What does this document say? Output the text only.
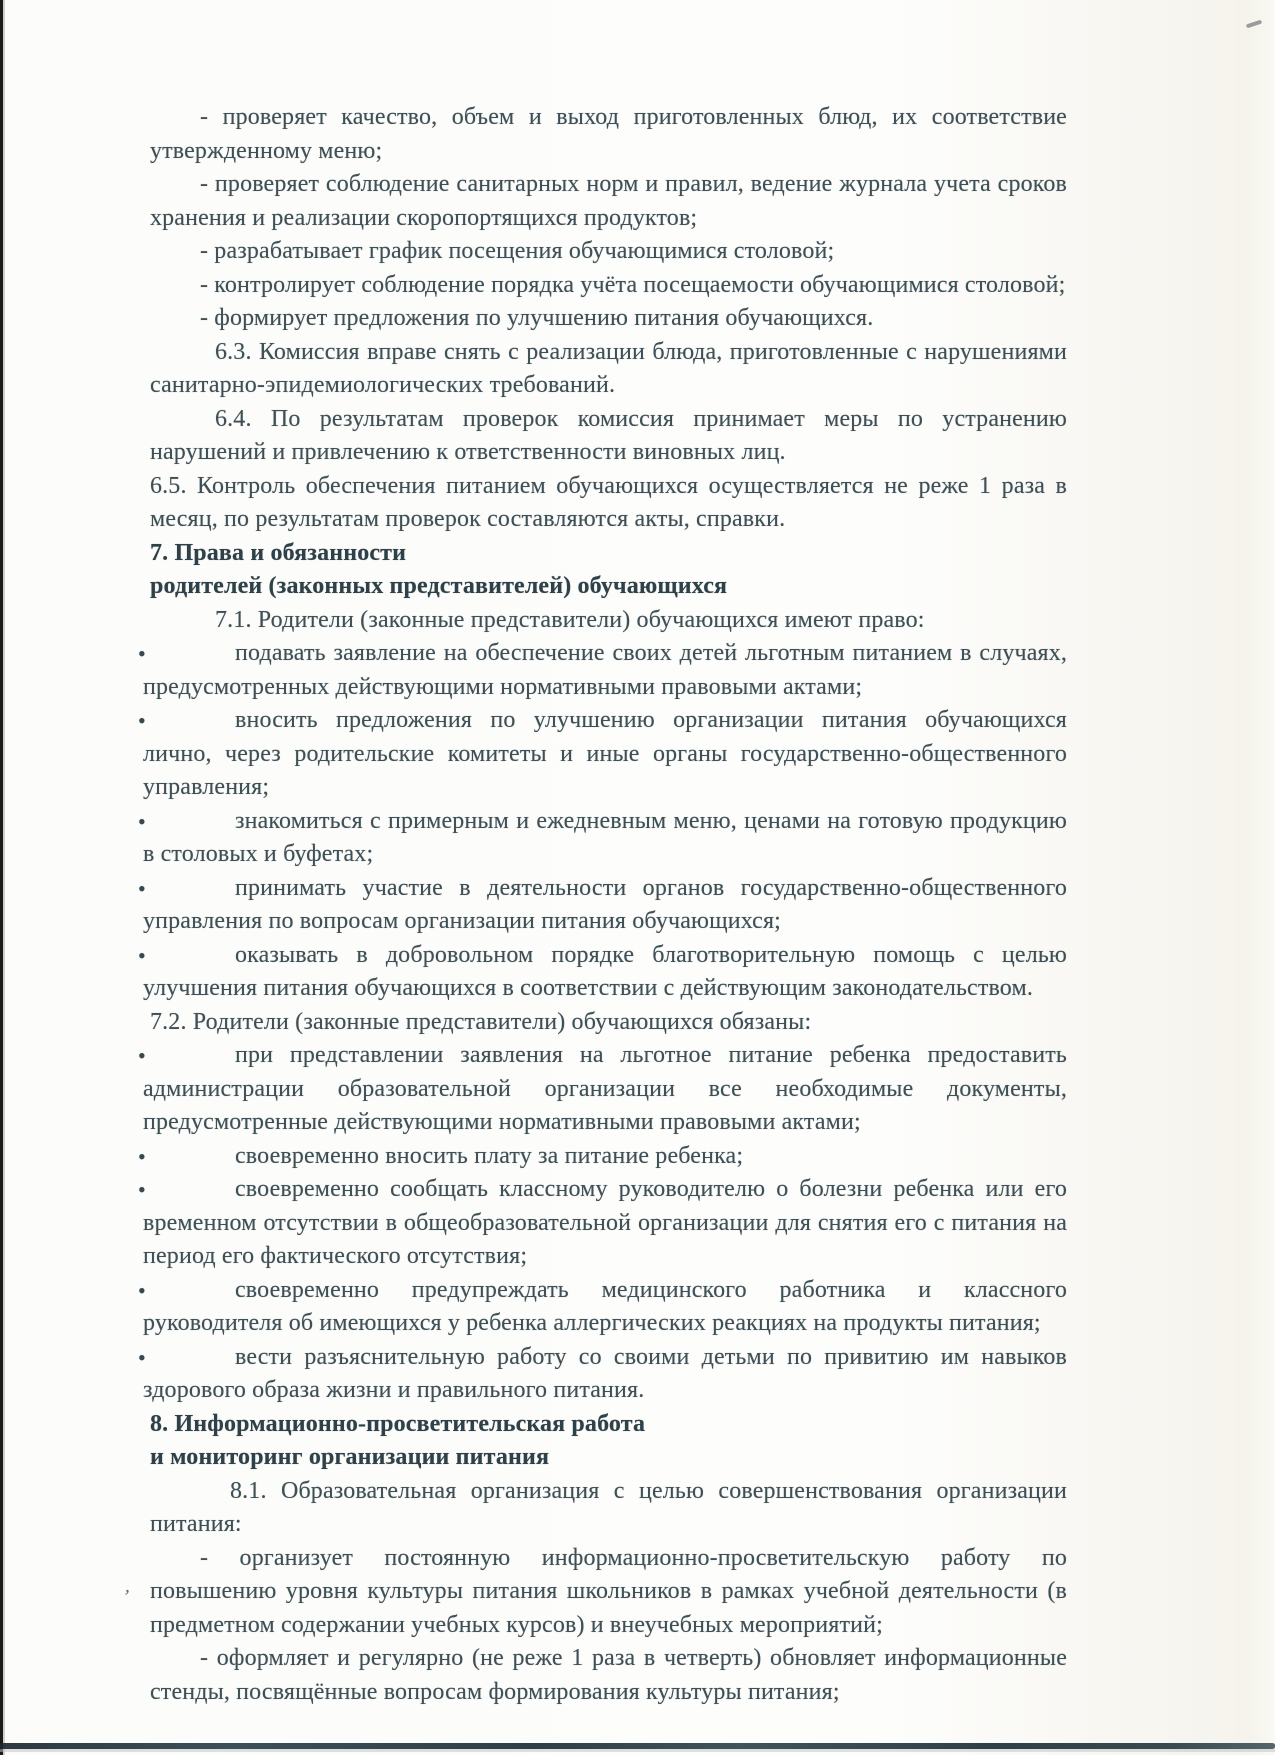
- проверяет качество, объем и выход приготовленных блюд, их соответствие утвержденному меню;

- проверяет соблюдение санитарных норм и правил, ведение журнала учета сроков хранения и реализации скоропортящихся продуктов;

- разрабатывает график посещения обучающимися столовой;

- контролирует соблюдение порядка учёта посещаемости обучающимися столовой;

- формирует предложения по улучшению питания обучающихся.

6.3. Комиссия вправе снять с реализации блюда, приготовленные с нарушениями санитарно-эпидемиологических требований.

6.4. По результатам проверок комиссия принимает меры по устранению нарушений и привлечению к ответственности виновных лиц.

6.5. Контроль обеспечения питанием обучающихся осуществляется не реже 1 раза в месяц, по результатам проверок составляются акты, справки.

7. Права и обязанности

родителей (законных представителей) обучающихся

7.1. Родители (законные представители) обучающихся имеют право:

• подавать заявление на обеспечение своих детей льготным питанием в случаях, предусмотренных действующими нормативными правовыми актами;
• вносить предложения по улучшению организации питания обучающихся лично, через родительские комитеты и иные органы государственно-общественного управления;
• знакомиться с примерным и ежедневным меню, ценами на готовую продукцию в столовых и буфетах;
• принимать участие в деятельности органов государственно-общественного управления по вопросам организации питания обучающихся;
• оказывать в добровольном порядке благотворительную помощь с целью улучшения питания обучающихся в соответствии с действующим законодательством.

7.2. Родители (законные представители) обучающихся обязаны:

• при представлении заявления на льготное питание ребенка предоставить администрации образовательной организации все необходимые документы, предусмотренные действующими нормативными правовыми актами;
• своевременно вносить плату за питание ребенка;
• своевременно сообщать классному руководителю о болезни ребенка или его временном отсутствии в общеобразовательной организации для снятия его с питания на период его фактического отсутствия;
• своевременно предупреждать медицинского работника и классного руководителя об имеющихся у ребенка аллергических реакциях на продукты питания;
• вести разъяснительную работу со своими детьми по привитию им навыков здорового образа жизни и правильного питания.

8. Информационно-просветительская работа

и мониторинг организации питания

8.1. Образовательная организация с целью совершенствования организации питания:

- организует постоянную информационно-просветительскую работу по повышению уровня культуры питания школьников в рамках учебной деятельности (в предметном содержании учебных курсов) и внеучебных мероприятий;

- оформляет и регулярно (не реже 1 раза в четверть) обновляет информационные стенды, посвящённые вопросам формирования культуры питания;

,
